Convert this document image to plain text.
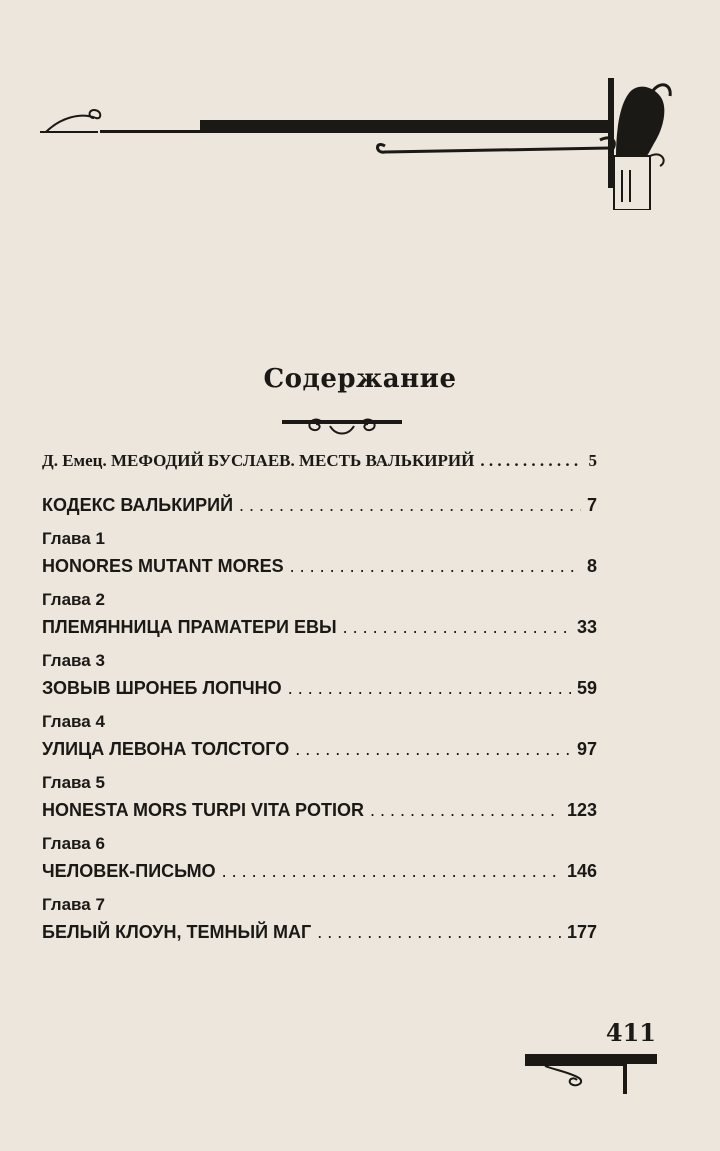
Содержание
Д. Емец. МЕФОДИЙ БУСЛАЕВ. МЕСТЬ ВАЛЬКИРИЙ . . .	5
КОДЕКС ВАЛЬКИРИЙ . . .	7
Глава 1
HONORES MUTANT MORES . . .	8
Глава 2
ПЛЕМЯННИЦА ПРАМАТЕРИ ЕВЫ . . .	33
Глава 3
ЗОВЫВ ШРОНЕБ ЛОПЧНО . . .	59
Глава 4
УЛИЦА ЛЕВОНА ТОЛСТОГО . . .	97
Глава 5
HONESTA MORS TURPI VITA POTIOR . . .	123
Глава 6
ЧЕЛОВЕК-ПИСЬМО . . .	146
Глава 7
БЕЛЫЙ КЛОУН, ТЕМНЫЙ МАГ . . .	177
411
